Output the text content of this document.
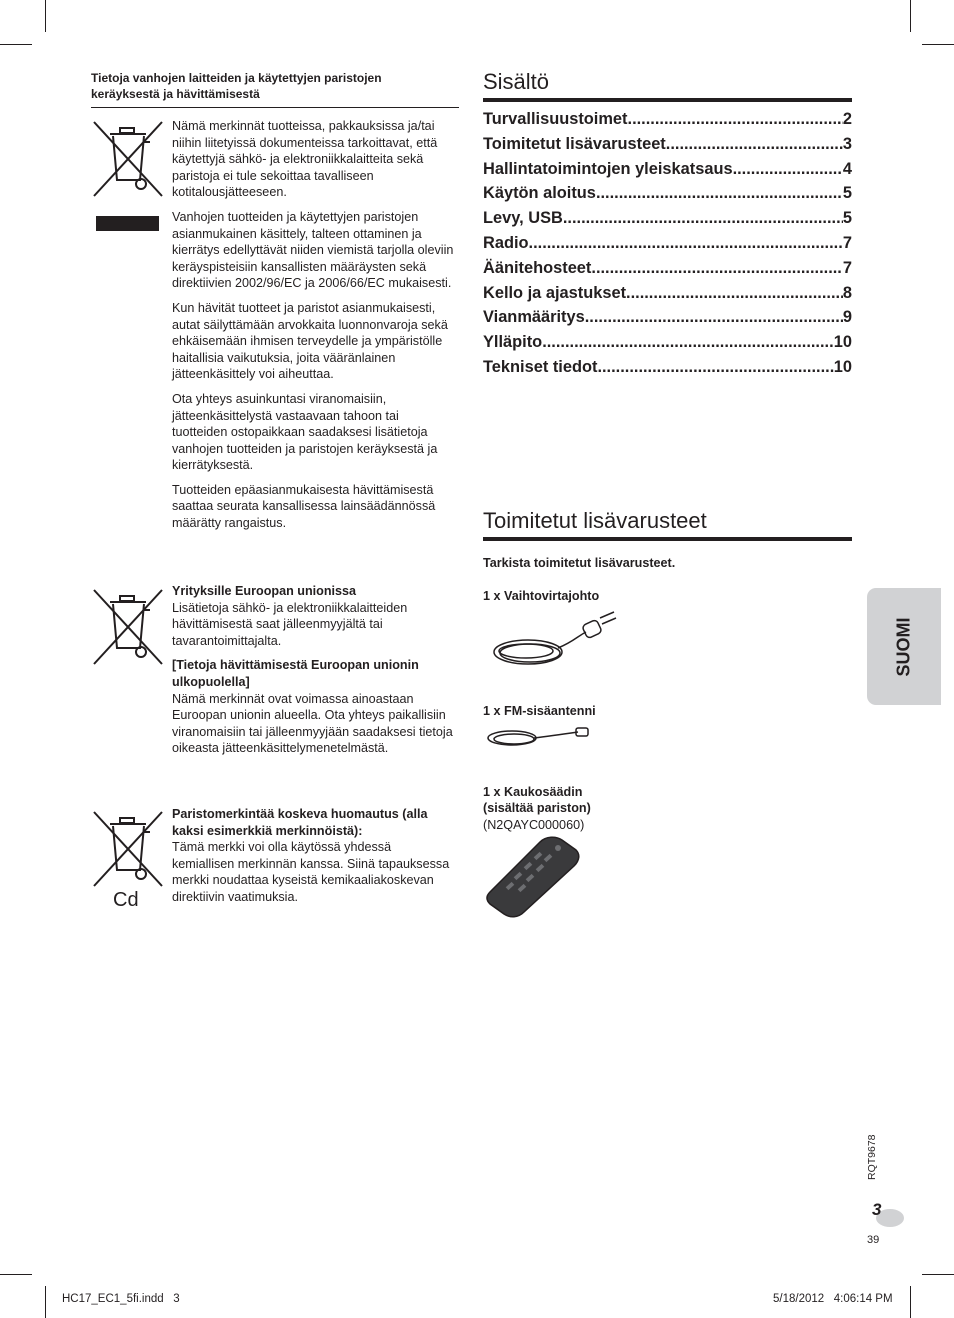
Tietoja vanhojen laitteiden ja käytettyjen paristojen keräyksestä ja hävittämisestä

Nämä merkinnät tuotteissa, pakkauksissa ja/tai niihin liitetyissä dokumenteissa tarkoittavat, että käytettyjä sähkö- ja elektroniikkalaitteita sekä paristoja ei tule sekoittaa tavalliseen kotitalousjätteeseen.

Vanhojen tuotteiden ja käytettyjen paristojen asianmukainen käsittely, talteen ottaminen ja kierrätys edellyttävät niiden viemistä tarjolla oleviin keräyspisteisiin kansallisten määräysten sekä direktiivien 2002/96/EC ja 2006/66/EC mukaisesti.

Kun hävität tuotteet ja paristot asianmukaisesti, autat säilyttämään arvokkaita luonnonvaroja sekä ehkäisemään ihmisen terveydelle ja ympäristölle haitallisia vaikutuksia, joita vääränlainen jätteenkäsittely voi aiheuttaa.

Ota yhteys asuinkuntasi viranomaisiin, jätteenkäsittelystä vastaavaan tahoon tai tuotteiden ostopaikkaan saadaksesi lisätietoja vanhojen tuotteiden ja paristojen keräyksestä ja kierrätyksestä.

Tuotteiden epäasianmukaisesta hävittämisestä saattaa seurata kansallisessa lainsäädännössä määrätty rangaistus.

Yrityksille Euroopan unionissa

Lisätietoja sähkö- ja elektroniikkalaitteiden hävittämisestä saat jälleenmyyjältä tai tavarantoimittajalta.

[Tietoja hävittämisestä Euroopan unionin ulkopuolella]

Nämä merkinnät ovat voimassa ainoastaan Euroopan unionin alueella. Ota yhteys paikallisiin viranomaisiin tai jälleenmyyjään saadaksesi tietoja oikeasta jätteenkäsittelymenetelmästä.

Cd
Paristomerkintää koskeva huomautus (alla kaksi esimerkkiä merkinnöistä):

Tämä merkki voi olla käytössä yhdessä kemiallisen merkinnän kanssa. Siinä tapauksessa merkki noudattaa kyseistä kemikaaliakoskevan direktiivin vaatimuksia.

Sisältö
Turvallisuustoimet .....	2
Toimitetut lisävarusteet .....	3
Hallintatoimintojen yleiskatsaus .....	4
Käytön aloitus .....	5
Levy, USB .....	5
Radio .....	7
Äänitehosteet .....	7
Kello ja ajastukset .....	8
Vianmääritys .....	9
Ylläpito .....	10
Tekniset tiedot .....	10
Toimitetut lisävarusteet
Tarkista toimitetut lisävarusteet.
1 x Vaihtovirtajohto
1 x FM-sisäantenni
1 x Kaukosäädin
(sisältää pariston)
(N2QAYC000060)
SUOMI
RQT9678
3
39
HC17_EC1_5fi.indd   3	5/18/2012   4:06:14 PM
